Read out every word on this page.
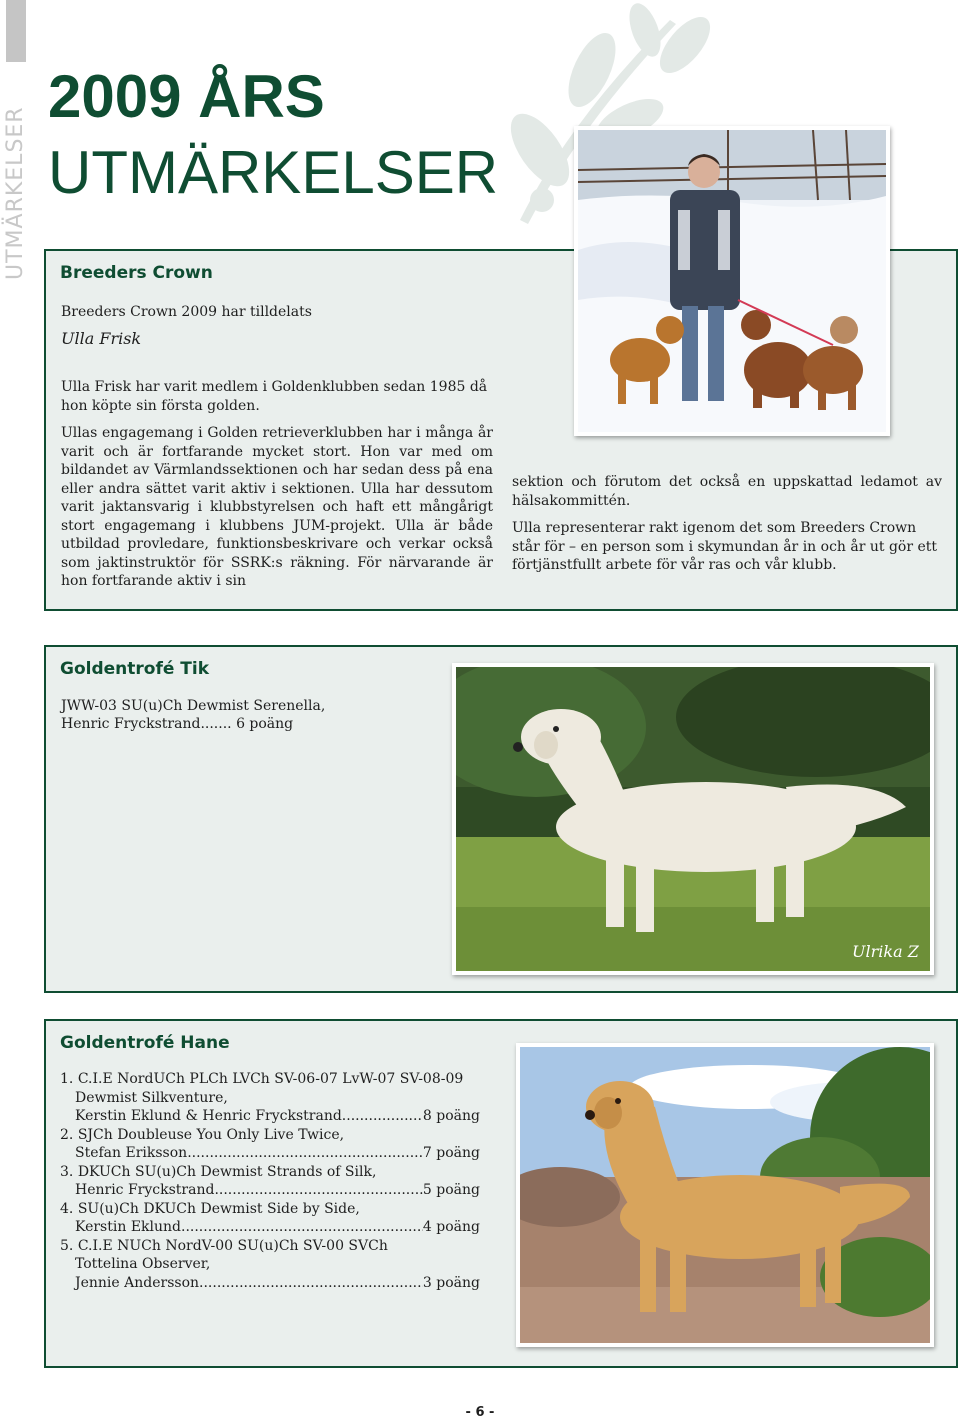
UTMÄRKELSER
2009 ÅRS
UTMÄRKELSER
Breeders Crown
Breeders Crown 2009 har tilldelats
Ulla Frisk
Ulla Frisk har varit medlem i Goldenklubben sedan 1985 då hon köpte sin första golden.
Ullas engagemang i Golden retrieverklubben har i många år varit och är fortfarande mycket stort. Hon var med om bildandet av Värmlandssektionen och har sedan dess på ena eller andra sättet varit aktiv i sektionen. Ulla har dessutom varit jaktansvarig i klubbstyrelsen och haft ett mångårigt stort engagemang i klubbens JUM-projekt. Ulla är både utbildad provledare, funktionsbeskrivare och verkar också som jaktinstruktör för SSRK:s räkning. För närvarande är hon fortfarande aktiv i sin
sektion och förutom det också en uppskattad ledamot av hälsakommittén.
Ulla representerar rakt igenom det som Breeders Crown står för – en person som i skymundan år in och år ut gör ett förtjänstfullt arbete för vår ras och vår klubb.
Goldentrofé Tik
JWW-03 SU(u)Ch Dewmist Serenella,
Henric Fryckstrand....... 6 poäng
Ulrika Z
Goldentrofé Hane
1.
C.I.E NordUCh PLCh LVCh SV-06-07 LvW-07 SV-08-09
Dewmist Silkventure,
Kerstin Eklund & Henric Fryckstrand .....	8 poäng
2.
SJCh Doubleuse You Only Live Twice,
Stefan Eriksson .....	7 poäng
3.
DKUCh SU(u)Ch Dewmist Strands of Silk,
Henric Fryckstrand .....	5 poäng
4.
SU(u)Ch DKUCh Dewmist Side by Side,
Kerstin Eklund .....	4 poäng
5.
C.I.E NUCh NordV-00 SU(u)Ch SV-00 SVCh
Tottelina Observer,
Jennie Andersson .....	3 poäng
- 6 -
